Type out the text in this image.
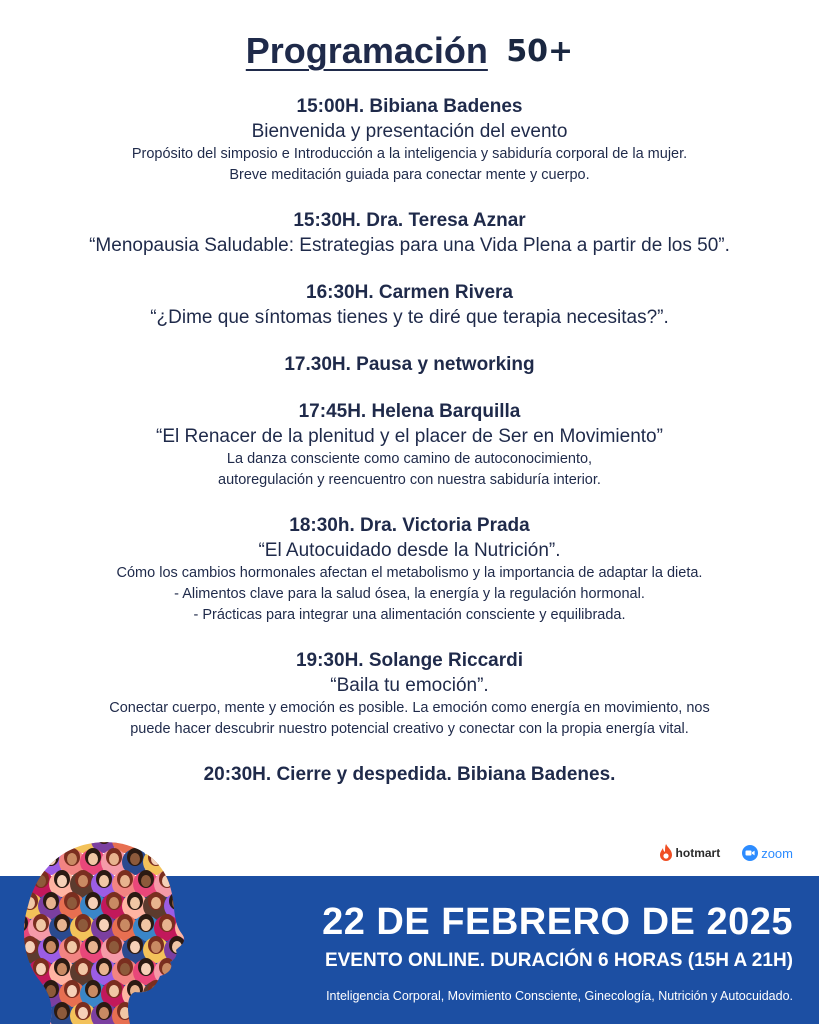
Programación 50+
15:00H. Bibiana Badenes
Bienvenida y presentación del evento
Propósito del simposio e Introducción a la inteligencia y sabiduría corporal de la mujer.
Breve meditación guiada para conectar mente y cuerpo.
15:30H. Dra. Teresa Aznar
“Menopausia Saludable: Estrategias para una Vida Plena a partir de los 50”.
16:30H. Carmen Rivera
“¿Dime que síntomas tienes y te diré que terapia necesitas?”.
17.30H. Pausa y networking
17:45H. Helena Barquilla
“El Renacer de la plenitud y el placer de Ser en Movimiento”
La danza consciente como camino de autoconocimiento,
autoregulación y reencuentro con nuestra sabiduría interior.
18:30h. Dra. Victoria Prada
“El Autocuidado desde la Nutrición”.
Cómo los cambios hormonales afectan el metabolismo y la importancia de adaptar la dieta.
- Alimentos clave para la salud ósea, la energía y la regulación hormonal.
- Prácticas para integrar una alimentación consciente y equilibrada.
19:30H. Solange Riccardi
“Baila tu emoción”.
Conectar cuerpo, mente y emoción es posible. La emoción como energía en movimiento, nos
puede hacer descubrir nuestro potencial creativo y conectar con la propia energía vital.
20:30H. Cierre y despedida. Bibiana Badenes.
hotmart	zoom
22 DE FEBRERO DE 2025
EVENTO ONLINE. DURACIÓN 6 HORAS (15H A 21H)
Inteligencia Corporal, Movimiento Consciente, Ginecología, Nutrición y Autocuidado.
